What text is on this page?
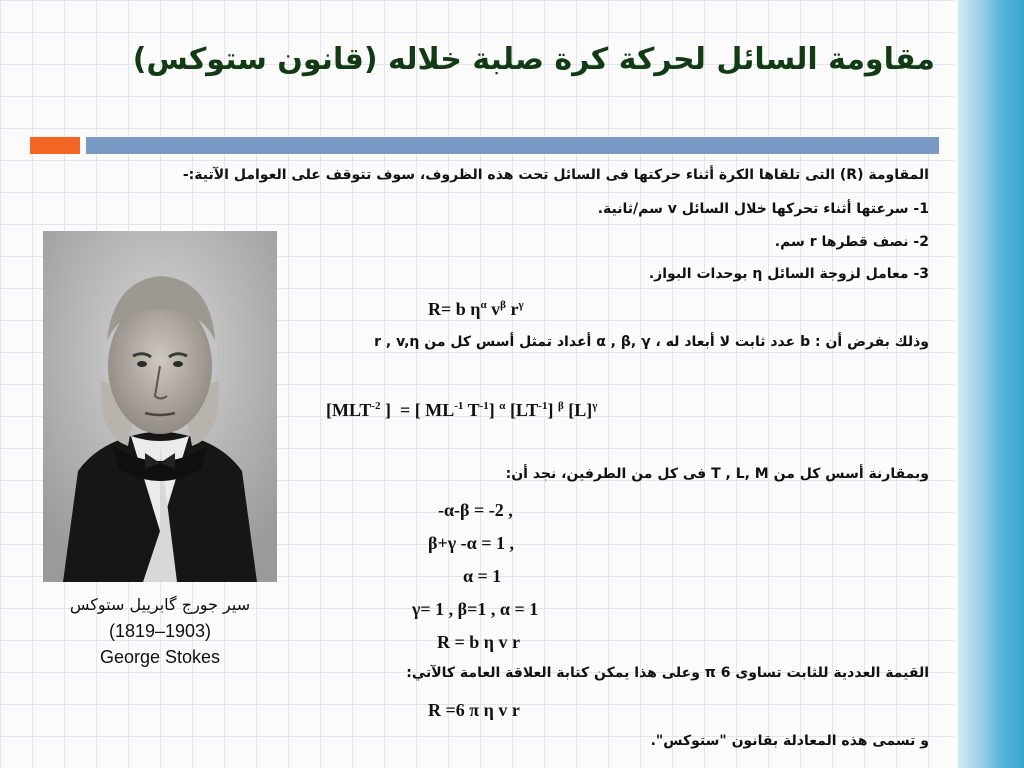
مقاومة السائل لحركة كرة صلبة خلاله (قانون ستوكس)
المقاومة (R) التى تلقاها الكرة أثناء حركتها فى السائل تحت هذه الظروف، سوف تتوقف على العوامل الآتية:-
1- سرعتها أثناء تحركها خلال السائل v سم/ثانية.
2- نصف قطرها r سم.
3- معامل لزوجة السائل η بوحدات البواز.
R= b $\eta^\alpha$ $v^\beta$ $r^\gamma$
وذلك بفرض أن : b عدد ثابت لا أبعاد له ، α , β, γ أعداد تمثل أسس كل من r , v,η
[$MLT^{-2}$ ]  = [ $ML^{-1}$ $T^{-1}$] $^\alpha$ $[LT^{-1}]$ $^\beta$ $[L]^\gamma$
وبمقارنة أسس كل من T , L, M فى كل من الطرفين، نجد أن:
-α-β = -2 ,
β+γ -α = 1 ,
α = 1
γ= 1 , β=1 , α = 1
R = b η v r
القيمة العددية للثابت تساوى 6 π وعلى هذا يمكن كتابة العلاقة العامة كالآتي:
R =6 π η v r
و تسمى هذه المعادلة بقانون "ستوكس".
سير جورج گابرييل ستوكس
(1819–1903)
George Stokes
